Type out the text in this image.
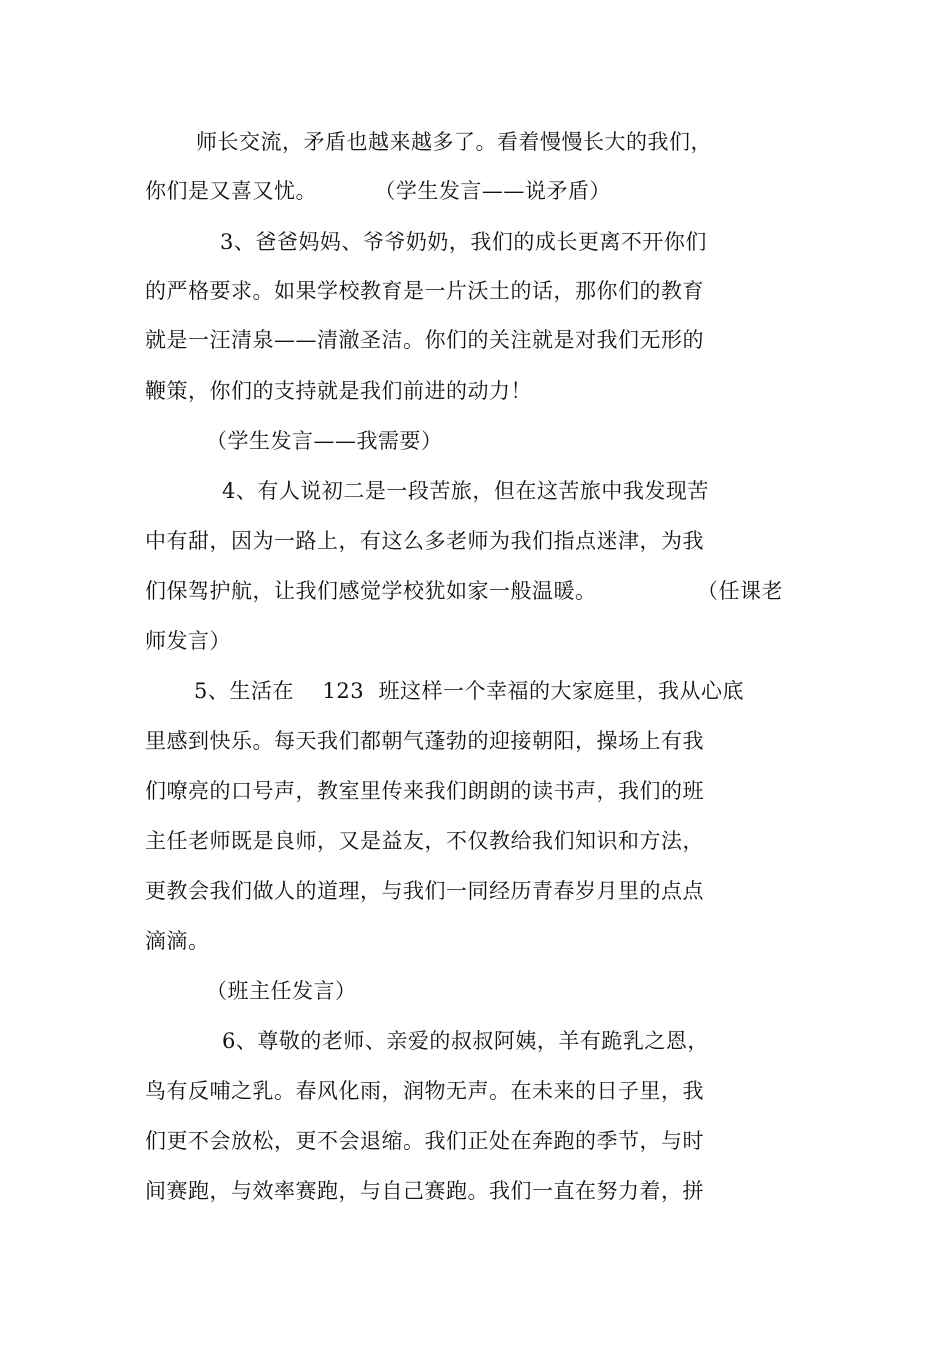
师长交流，矛盾也越来越多了。看着慢慢长大的我们，
你们是又喜又忧。        （学生发言——说矛盾）
3、爸爸妈妈、爷爷奶奶，我们的成长更离不开你们
的严格要求。如果学校教育是一片沃土的话，那你们的教育
就是一汪清泉——清澈圣洁。你们的关注就是对我们无形的
鞭策，你们的支持就是我们前进的动力！
（学生发言——我需要）
4、有人说初二是一段苦旅，但在这苦旅中我发现苦
中有甜，因为一路上，有这么多老师为我们指点迷津，为我
们保驾护航，让我们感觉学校犹如家一般温暖。              （任课老
师发言）
5、生活在    123  班这样一个幸福的大家庭里，我从心底
里感到快乐。每天我们都朝气蓬勃的迎接朝阳，操场上有我
们嘹亮的口号声，教室里传来我们朗朗的读书声，我们的班
主任老师既是良师，又是益友，不仅教给我们知识和方法，
更教会我们做人的道理，与我们一同经历青春岁月里的点点
滴滴。
（班主任发言）
6、尊敬的老师、亲爱的叔叔阿姨，羊有跪乳之恩，
鸟有反哺之乳。春风化雨，润物无声。在未来的日子里，我
们更不会放松，更不会退缩。我们正处在奔跑的季节，与时
间赛跑，与效率赛跑，与自己赛跑。我们一直在努力着，拼
